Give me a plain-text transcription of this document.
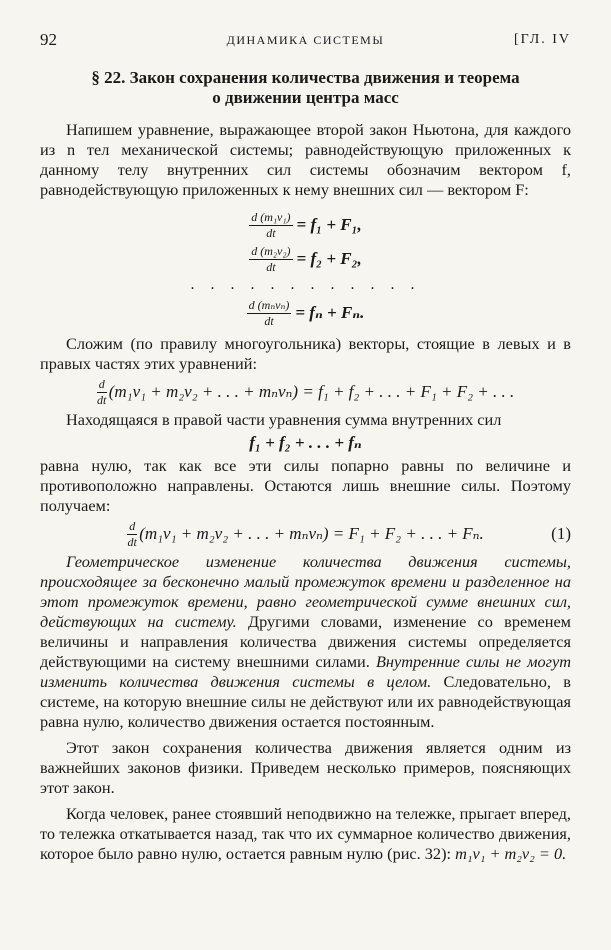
92	ДИНАМИКА СИСТЕМЫ	[ГЛ. IV
§ 22. Закон сохранения количества движения и теорема
о движении центра масс

Напишем уравнение, выражающее второй закон Ньютона, для каждого из n тел механической системы; равнодействующую приложенных к данному телу внутренних сил системы обозначим вектором f, равнодействующую приложенных к нему внешних сил — вектором F:

$\frac{\text{d (m₁v₁)}}{dt} = f_1 + F_1$,
$\frac{\text{d (m₂v₂)}}{dt} = f_2 + F_2$,
. . . . . . . . . . . .
$\frac{\text{d (mₙvₙ)}}{dt} = f_n + F_n$.

Сложим (по правилу многоугольника) векторы, стоящие в левых и в правых частях этих уравнений:

$\frac{d}{dt} (m_1v_1 + m_2v_2$ + . . . + mₙvₙ) = f₁ + f₂ + . . . + F₁ + F₂ + . . .

Находящаяся в правой части уравнения сумма внутренних сил

f₁ + f₂ + . . . + fₙ

равна нулю, так как все эти силы попарно равны по величине и противоположно направлены. Остаются лишь внешние силы. Поэтому получаем:

$\frac{d}{dt} (m_1v_1 + m_2v_2$ + . . . + mₙvₙ) = F₁ + F₂ + . . . + Fₙ.	(1)

Геометрическое изменение количества движения системы, происходящее за бесконечно малый промежуток времени и разделенное на этот промежуток времени, равно геометрической сумме внешних сил, действующих на систему. Другими словами, изменение со временем величины и направления количества движения системы определяется действующими на систему внешними силами. Внутренние силы не могут изменить количества движения системы в целом. Следовательно, в системе, на которую внешние силы не действуют или их равнодействующая равна нулю, количество движения остается постоянным.

Этот закон сохранения количества движения является одним из важнейших законов физики. Приведем несколько примеров, поясняющих этот закон.

Когда человек, ранее стоявший неподвижно на тележке, прыгает вперед, то тележка откатывается назад, так что их суммарное количество движения, которое было равно нулю, остается равным нулю (рис. 32): m₁v₁ + m₂v₂ = 0.
